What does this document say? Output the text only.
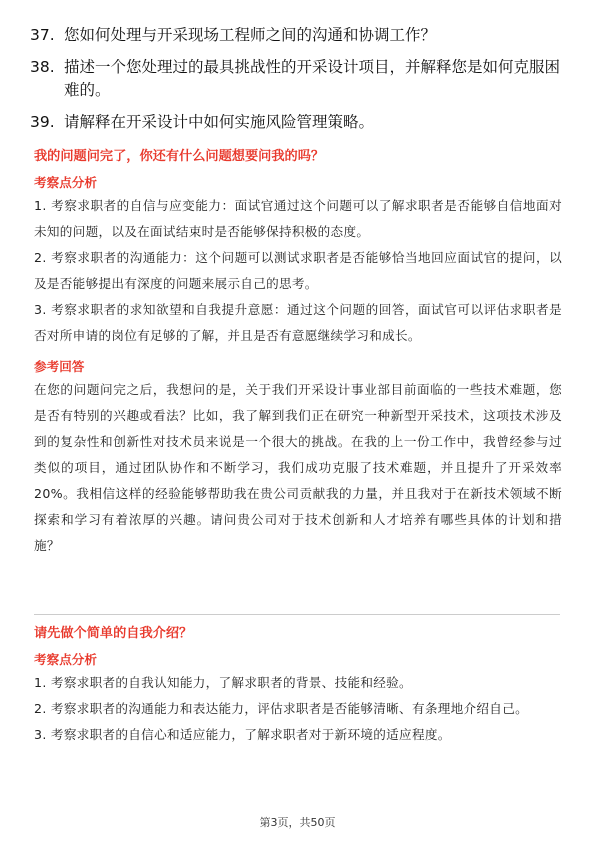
37. 您如何处理与开采现场工程师之间的沟通和协调工作？
38. 描述一个您处理过的最具挑战性的开采设计项目，并解释您是如何克服困难的。
39. 请解释在开采设计中如何实施风险管理策略。
我的问题问完了，你还有什么问题想要问我的吗？
考察点分析
1. 考察求职者的自信与应变能力：面试官通过这个问题可以了解求职者是否能够自信地面对未知的问题，以及在面试结束时是否能够保持积极的态度。
2. 考察求职者的沟通能力：这个问题可以测试求职者是否能够恰当地回应面试官的提问，以及是否能够提出有深度的问题来展示自己的思考。
3. 考察求职者的求知欲望和自我提升意愿：通过这个问题的回答，面试官可以评估求职者是否对所申请的岗位有足够的了解，并且是否有意愿继续学习和成长。
参考回答
在您的问题问完之后，我想问的是，关于我们开采设计事业部目前面临的一些技术难题，您是否有特别的兴趣或看法？比如，我了解到我们正在研究一种新型开采技术，这项技术涉及到的复杂性和创新性对技术员来说是一个很大的挑战。在我的上一份工作中，我曾经参与过类似的项目，通过团队协作和不断学习，我们成功克服了技术难题，并且提升了开采效率20%。我相信这样的经验能够帮助我在贵公司贡献我的力量，并且我对于在新技术领域不断探索和学习有着浓厚的兴趣。请问贵公司对于技术创新和人才培养有哪些具体的计划和措施？
请先做个简单的自我介绍？
考察点分析
1. 考察求职者的自我认知能力，了解求职者的背景、技能和经验。
2. 考察求职者的沟通能力和表达能力，评估求职者是否能够清晰、有条理地介绍自己。
3. 考察求职者的自信心和适应能力，了解求职者对于新环境的适应程度。
第3页，共50页
